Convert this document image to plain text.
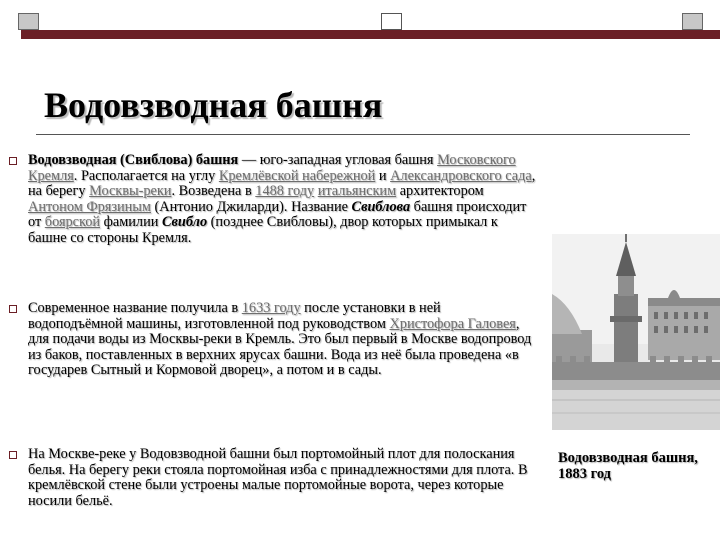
Водовзводная башня

Водовзводная (Свиблова) башня — юго-западная угловая башня Московского Кремля. Располагается на углу Кремлёвской набережной и Александровского сада, на берегу Москвы-реки. Возведена в 1488 году итальянским архитектором Антоном Фрязиным (Антонио Джиларди). Название Свиблова башня происходит от боярской фамилии Свибло (позднее Свибловы), двор которых примыкал к башне со стороны Кремля.

Современное название получила в 1633 году после установки в ней водоподъёмной машины, изготовленной под руководством Христофора Галовея, для подачи воды из Москвы-реки в Кремль. Это был первый в Москве водопровод из баков, поставленных в верхних ярусах башни. Вода из неё была проведена «в государев Сытный и Кормовой дворец», а потом и в сады.

На Москве-реке у Водовзводной башни был портомойный плот для полоскания белья. На берегу реки стояла портомойная изба с принадлежностями для плота. В кремлёвской стене были устроены малые портомойные ворота, через которые носили бельё.

Водовзводная башня, 1883 год
